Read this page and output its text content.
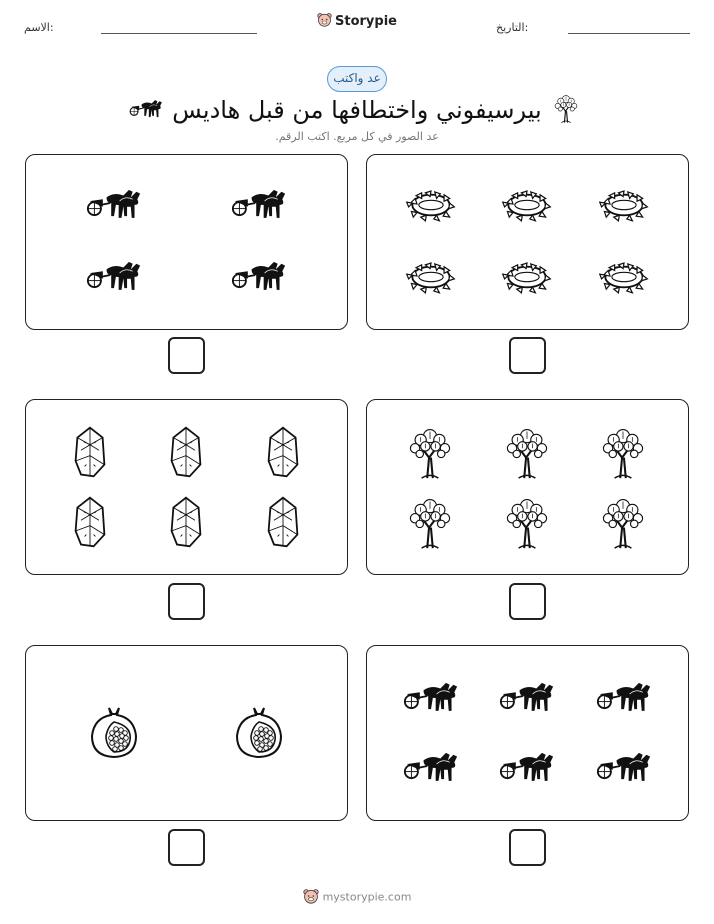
الاسم:	Storypie	التاريخ:
عد واكتب
بيرسيفوني واختطافها من قبل هاديس
عد الصور في كل مربع. اكتب الرقم.
mystorypie.com
